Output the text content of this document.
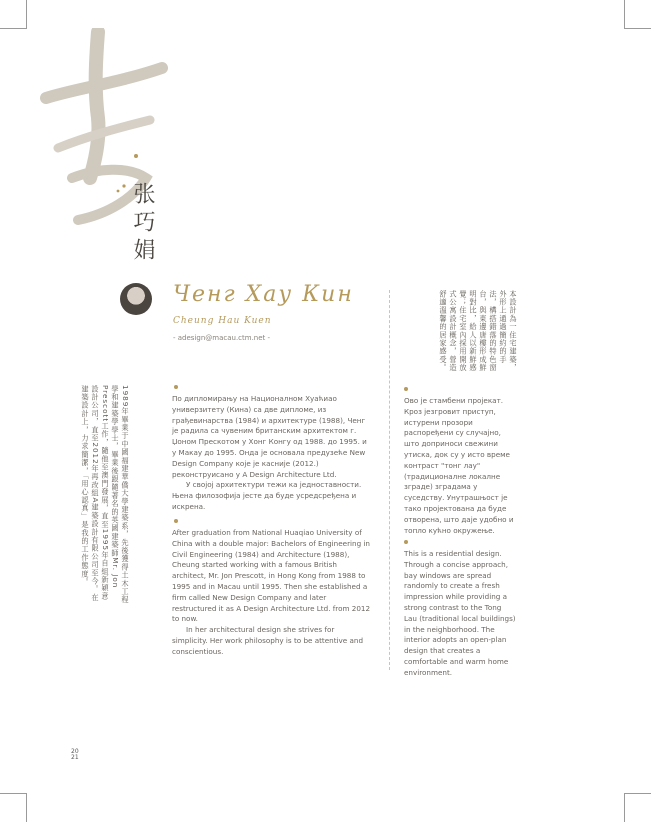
张巧娟
Ченг Хау Кин
Cheung Hau Kuen
- adesign@macau.ctm.net -
1989年畢業于中國福建華僑大學建築系，先後獲得土木工程學和建築學學士，畢業後跟隨著名的英國建築師Mr. Jon Prescott工作，隨他至澳門發展，直至1995年自組新穎意設計公司，直至2012年再改組A建築設計有限公司至今。在建築設計上，力求簡潔，「用心認真」是我的工作態度。	По дипломирању на Националном Хуаћиао универзитету (Кина) са две дипломе, из грађевинарства (1984) и архитектуре (1988), Ченг је радила са чувеним британским архитектом г. Џоном Прескотом у Хонг Конгу од 1988. до 1995. и у Макау до 1995. Онда је основала предузеће New Design Company које је касније (2012.) реконструисано у A Design Architecture Ltd.
У својој архитектури тежи ка једноставности. Њена филозофија јесте да буде усредсређена и искрена.
After graduation from National Huaqiao University of China with a double major: Bachelors of Engineering in Civil Engineering (1984) and Architecture (1988), Cheung started working with a famous British architect, Mr. Jon Prescott, in Hong Kong from 1988 to 1995 and in Macau until 1995. Then she established a firm called New Design Company and later restructured it as A Design Architecture Ltd. from 2012 to now.
In her architectural design she strives for simplicity. Her work philosophy is to be attentive and conscientious.
本設計為一住宅建築，外形上通過簡約的手法，構搭錯落的特色窗台，與東邊唐樓形成鮮明對比，給人以新鮮感覺；住宅室內採用開放式公寓設計概念，營造舒適溫馨的居家感受。
Ово је стамбени пројекат. Кроз језгровит приступ, истурени прозори распоређени су случајно, што доприноси свежини утиска, док су у исто време контраст "тонг лау" (традиционалне локалне зграде) зградама у суседству. Унутрашњост је тако пројектована да буде отворена, што даје удобно и топло кућно окружење.
This is a residential design. Through a concise approach, bay windows are spread randomly to create a fresh impression while providing a strong contrast to the Tong Lau (traditional local buildings) in the neighborhood. The interior adopts an open-plan design that creates a comfortable and warm home environment.
20
21
